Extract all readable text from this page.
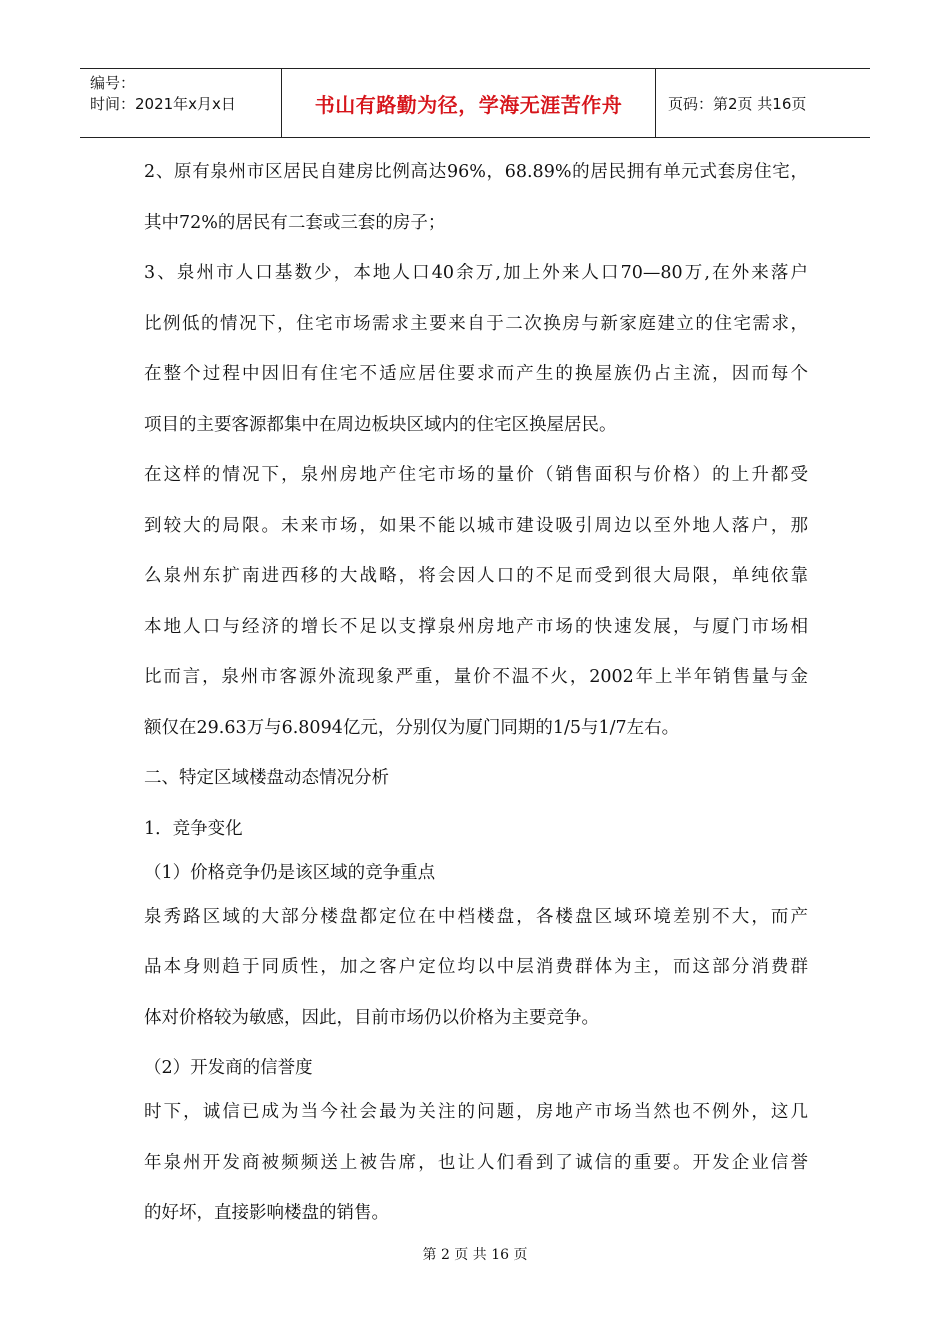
编号：
时间：2021年x月x日	书山有路勤为径，学海无涯苦作舟	页码：第2页 共16页
2、原有泉州市区居民自建房比例高达96%，68.89%的居民拥有单元式套房住宅，
其中72%的居民有二套或三套的房子；
3、泉州市人口基数少，本地人口40余万,加上外来人口70—80万,在外来落户
比例低的情况下，住宅市场需求主要来自于二次换房与新家庭建立的住宅需求，
在整个过程中因旧有住宅不适应居住要求而产生的换屋族仍占主流，因而每个
项目的主要客源都集中在周边板块区域内的住宅区换屋居民。
在这样的情况下，泉州房地产住宅市场的量价（销售面积与价格）的上升都受
到较大的局限。未来市场，如果不能以城市建设吸引周边以至外地人落户，那
么泉州东扩南进西移的大战略，将会因人口的不足而受到很大局限，单纯依靠
本地人口与经济的增长不足以支撑泉州房地产市场的快速发展，与厦门市场相
比而言，泉州市客源外流现象严重，量价不温不火，2002年上半年销售量与金
额仅在29.63万与6.8094亿元，分别仅为厦门同期的1/5与1/7左右。
二、特定区域楼盘动态情况分析
1．竞争变化
（1）价格竞争仍是该区域的竞争重点
泉秀路区域的大部分楼盘都定位在中档楼盘，各楼盘区域环境差别不大，而产
品本身则趋于同质性，加之客户定位均以中层消费群体为主，而这部分消费群
体对价格较为敏感，因此，目前市场仍以价格为主要竞争。
（2）开发商的信誉度
时下，诚信已成为当今社会最为关注的问题，房地产市场当然也不例外，这几
年泉州开发商被频频送上被告席，也让人们看到了诚信的重要。开发企业信誉
的好坏，直接影响楼盘的销售。
第 2 页 共 16 页
